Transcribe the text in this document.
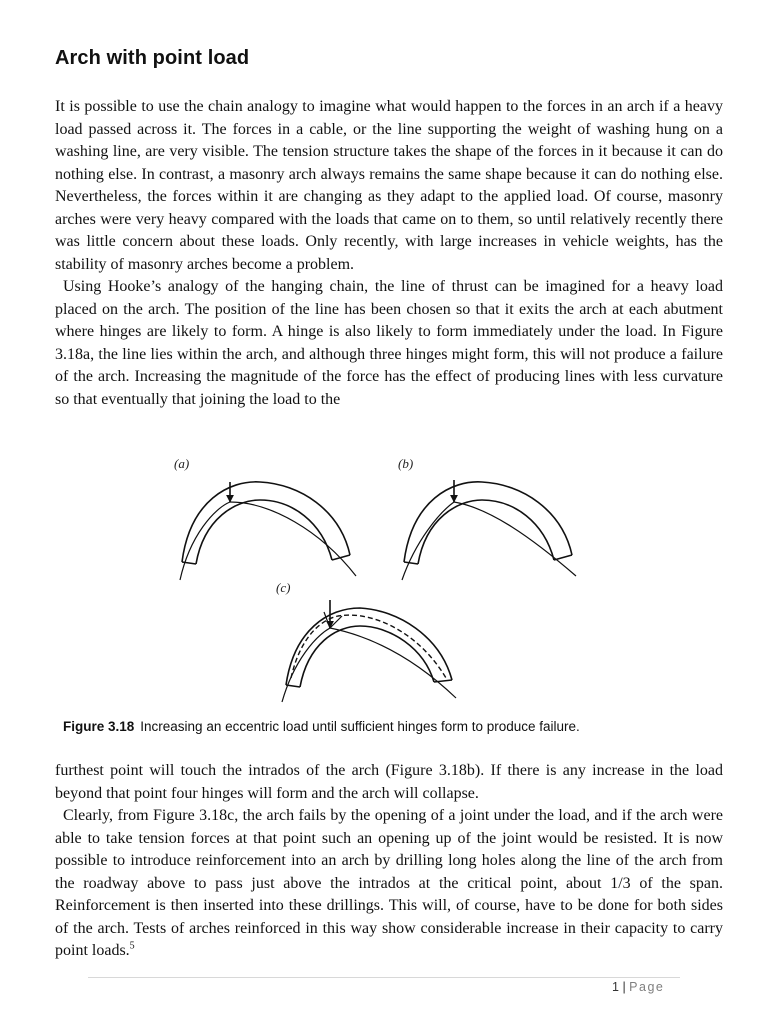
Arch with point load

It is possible to use the chain analogy to imagine what would happen to the forces in an arch if a heavy load passed across it. The forces in a cable, or the line supporting the weight of washing hung on a washing line, are very visible. The tension structure takes the shape of the forces in it because it can do nothing else. In contrast, a masonry arch always remains the same shape because it can do nothing else. Nevertheless, the forces within it are changing as they adapt to the applied load. Of course, masonry arches were very heavy compared with the loads that came on to them, so until relatively recently there was little concern about these loads. Only recently, with large increases in vehicle weights, has the stability of masonry arches become a problem.

Using Hooke’s analogy of the hanging chain, the line of thrust can be imagined for a heavy load placed on the arch. The position of the line has been chosen so that it exits the arch at each abutment where hinges are likely to form. A hinge is also likely to form immediately under the load. In Figure 3.18a, the line lies within the arch, and although three hinges might form, this will not produce a failure of the arch. Increasing the magnitude of the force has the effect of producing lines with less curvature so that eventually that joining the load to the

(a)	(b)
(c)
Figure 3.18 Increasing an eccentric load until sufficient hinges form to produce failure.

furthest point will touch the intrados of the arch (Figure 3.18b). If there is any increase in the load beyond that point four hinges will form and the arch will collapse.

Clearly, from Figure 3.18c, the arch fails by the opening of a joint under the load, and if the arch were able to take tension forces at that point such an opening up of the joint would be resisted. It is now possible to introduce reinforcement into an arch by drilling long holes along the line of the arch from the roadway above to pass just above the intrados at the critical point, about 1/3 of the span. Reinforcement is then inserted into these drillings. This will, of course, have to be done for both sides of the arch. Tests of arches reinforced in this way show considerable increase in their capacity to carry point loads.$^5$

1 | Page
